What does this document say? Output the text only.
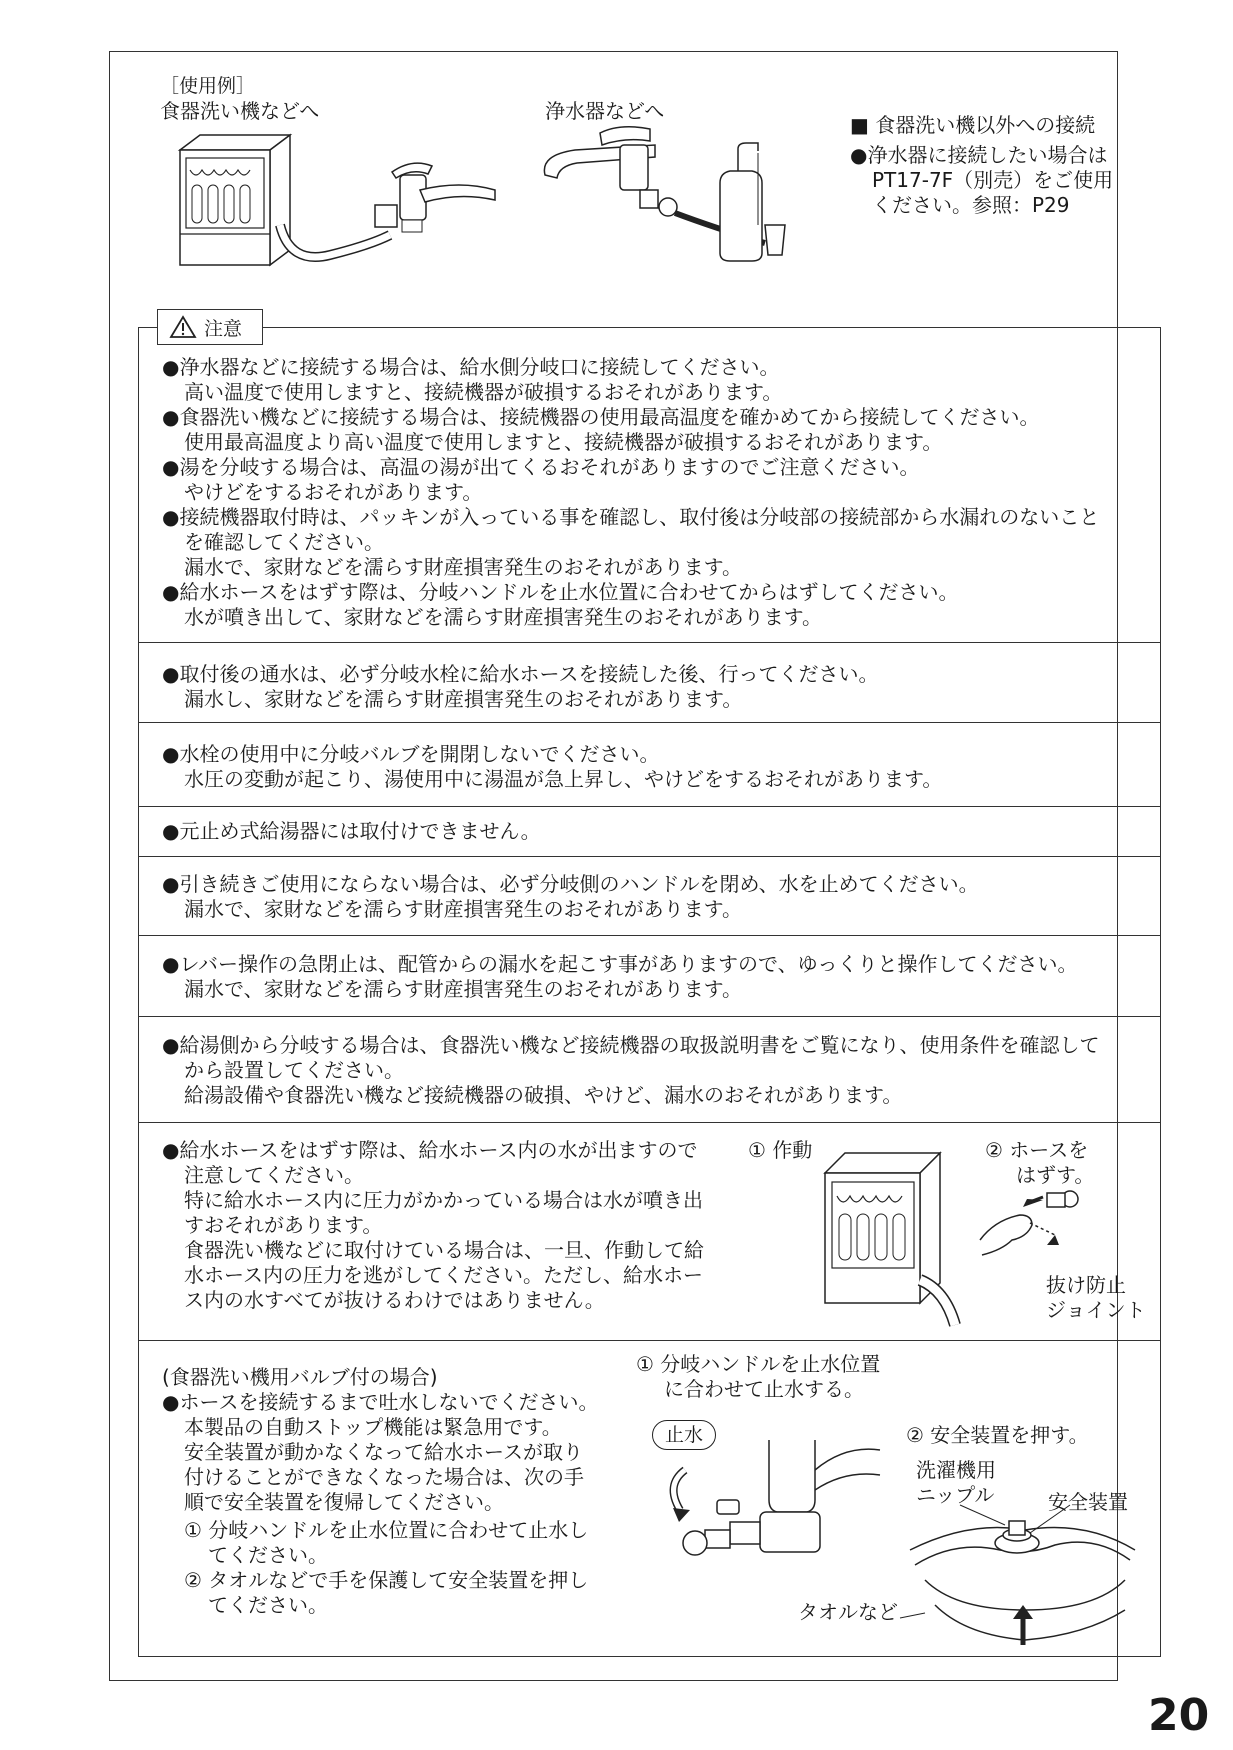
［使用例］
食器洗い機などへ	浄水器などへ
■ 食器洗い機以外への接続
●浄水器に接続したい場合は
PT17-7F（別売）をご使用
ください。参照：P29
注意
●浄水器などに接続する場合は、給水側分岐口に接続してください。
高い温度で使用しますと、接続機器が破損するおそれがあります。
●食器洗い機などに接続する場合は、接続機器の使用最高温度を確かめてから接続してください。
使用最高温度より高い温度で使用しますと、接続機器が破損するおそれがあります。
●湯を分岐する場合は、高温の湯が出てくるおそれがありますのでご注意ください。
やけどをするおそれがあります。
●接続機器取付時は、パッキンが入っている事を確認し、取付後は分岐部の接続部から水漏れのないこと
を確認してください。
漏水で、家財などを濡らす財産損害発生のおそれがあります。
●給水ホースをはずす際は、分岐ハンドルを止水位置に合わせてからはずしてください。
水が噴き出して、家財などを濡らす財産損害発生のおそれがあります。
●取付後の通水は、必ず分岐水栓に給水ホースを接続した後、行ってください。
漏水し、家財などを濡らす財産損害発生のおそれがあります。
●水栓の使用中に分岐バルブを開閉しないでください。
水圧の変動が起こり、湯使用中に湯温が急上昇し、やけどをするおそれがあります。
●元止め式給湯器には取付けできません。
●引き続きご使用にならない場合は、必ず分岐側のハンドルを閉め、水を止めてください。
漏水で、家財などを濡らす財産損害発生のおそれがあります。
●レバー操作の急閉止は、配管からの漏水を起こす事がありますので、ゆっくりと操作してください。
漏水で、家財などを濡らす財産損害発生のおそれがあります。
●給湯側から分岐する場合は、食器洗い機など接続機器の取扱説明書をご覧になり、使用条件を確認して
から設置してください。
給湯設備や食器洗い機など接続機器の破損、やけど、漏水のおそれがあります。
●給水ホースをはずす際は、給水ホース内の水が出ますので
注意してください。
特に給水ホース内に圧力がかかっている場合は水が噴き出
すおそれがあります。
食器洗い機などに取付けている場合は、一旦、作動して給
水ホース内の圧力を逃がしてください。ただし、給水ホー
ス内の水すべてが抜けるわけではありません。
① 作動	② ホースを
はずす。
抜け防止
ジョイント
(食器洗い機用バルブ付の場合)
●ホースを接続するまで吐水しないでください。
本製品の自動ストップ機能は緊急用です。
安全装置が動かなくなって給水ホースが取り
付けることができなくなった場合は、次の手
順で安全装置を復帰してください。
① 分岐ハンドルを止水位置に合わせて止水し
てください。
② タオルなどで手を保護して安全装置を押し
てください。
① 分岐ハンドルを止水位置
に合わせて止水する。
止水	② 安全装置を押す。
洗濯機用
ニップル	安全装置
タオルなど
20
